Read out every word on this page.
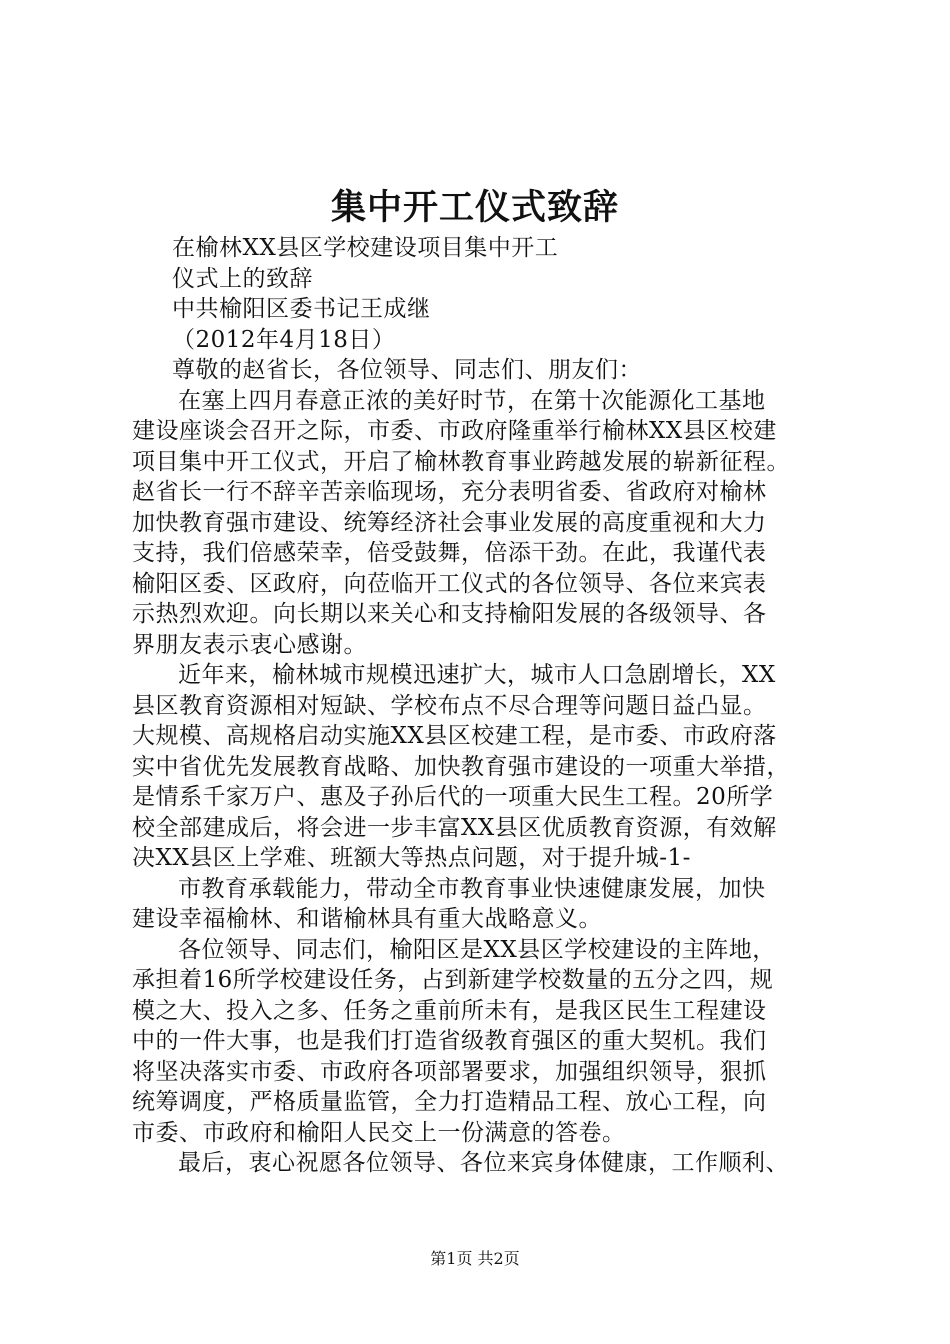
集中开工仪式致辞

在榆林XX县区学校建设项目集中开工

仪式上的致辞

中共榆阳区委书记王成继

（2012年4月18日）

尊敬的赵省长，各位领导、同志们、朋友们：

在塞上四月春意正浓的美好时节，在第十次能源化工基地

建设座谈会召开之际，市委、市政府隆重举行榆林XX县区校建

项目集中开工仪式，开启了榆林教育事业跨越发展的崭新征程。

赵省长一行不辞辛苦亲临现场，充分表明省委、省政府对榆林

加快教育强市建设、统筹经济社会事业发展的高度重视和大力

支持，我们倍感荣幸，倍受鼓舞，倍添干劲。在此，我谨代表

榆阳区委、区政府，向莅临开工仪式的各位领导、各位来宾表

示热烈欢迎。向长期以来关心和支持榆阳发展的各级领导、各

界朋友表示衷心感谢。

近年来，榆林城市规模迅速扩大，城市人口急剧增长，XX

县区教育资源相对短缺、学校布点不尽合理等问题日益凸显。

大规模、高规格启动实施XX县区校建工程，是市委、市政府落

实中省优先发展教育战略、加快教育强市建设的一项重大举措，

是情系千家万户、惠及子孙后代的一项重大民生工程。20所学

校全部建成后，将会进一步丰富XX县区优质教育资源，有效解

决XX县区上学难、班额大等热点问题，对于提升城-1-

市教育承载能力，带动全市教育事业快速健康发展，加快

建设幸福榆林、和谐榆林具有重大战略意义。

各位领导、同志们，榆阳区是XX县区学校建设的主阵地，

承担着16所学校建设任务，占到新建学校数量的五分之四，规

模之大、投入之多、任务之重前所未有，是我区民生工程建设

中的一件大事，也是我们打造省级教育强区的重大契机。我们

将坚决落实市委、市政府各项部署要求，加强组织领导，狠抓

统筹调度，严格质量监管，全力打造精品工程、放心工程，向

市委、市政府和榆阳人民交上一份满意的答卷。

最后，衷心祝愿各位领导、各位来宾身体健康，工作顺利、

第1页 共2页
